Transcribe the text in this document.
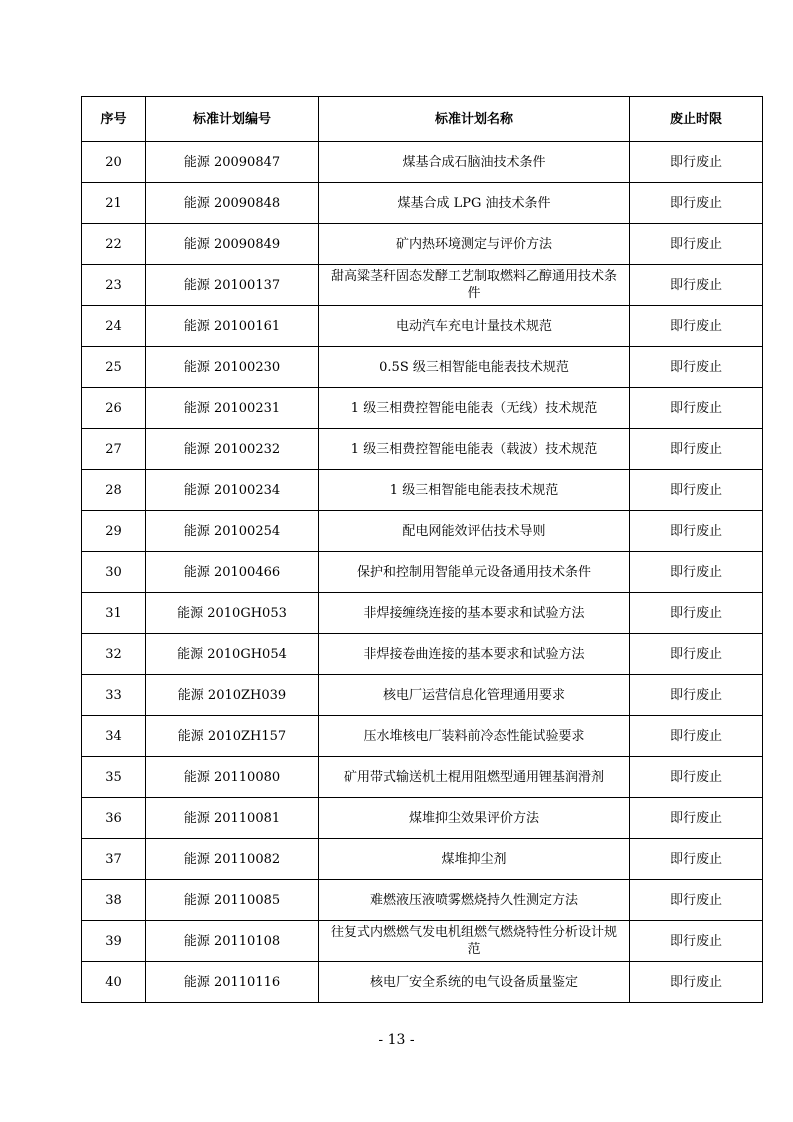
序号	标准计划编号	标准计划名称	废止时限
20	能源 20090847	煤基合成石脑油技术条件	即行废止
21	能源 20090848	煤基合成 LPG 油技术条件	即行废止
22	能源 20090849	矿内热环境测定与评价方法	即行废止
23	能源 20100137	甜高粱茎秆固态发酵工艺制取燃料乙醇通用技术条件	即行废止
24	能源 20100161	电动汽车充电计量技术规范	即行废止
25	能源 20100230	0.5S 级三相智能电能表技术规范	即行废止
26	能源 20100231	1 级三相费控智能电能表（无线）技术规范	即行废止
27	能源 20100232	1 级三相费控智能电能表（载波）技术规范	即行废止
28	能源 20100234	1 级三相智能电能表技术规范	即行废止
29	能源 20100254	配电网能效评估技术导则	即行废止
30	能源 20100466	保护和控制用智能单元设备通用技术条件	即行废止
31	能源 2010GH053	非焊接缠绕连接的基本要求和试验方法	即行废止
32	能源 2010GH054	非焊接卷曲连接的基本要求和试验方法	即行废止
33	能源 2010ZH039	核电厂运营信息化管理通用要求	即行废止
34	能源 2010ZH157	压水堆核电厂装料前冷态性能试验要求	即行废止
35	能源 20110080	矿用带式输送机土棍用阻燃型通用锂基润滑剂	即行废止
36	能源 20110081	煤堆抑尘效果评价方法	即行废止
37	能源 20110082	煤堆抑尘剂	即行废止
38	能源 20110085	难燃液压液喷雾燃烧持久性测定方法	即行废止
39	能源 20110108	往复式内燃燃气发电机组燃气燃烧特性分析设计规范	即行废止
40	能源 20110116	核电厂安全系统的电气设备质量鉴定	即行废止
- 13 -
